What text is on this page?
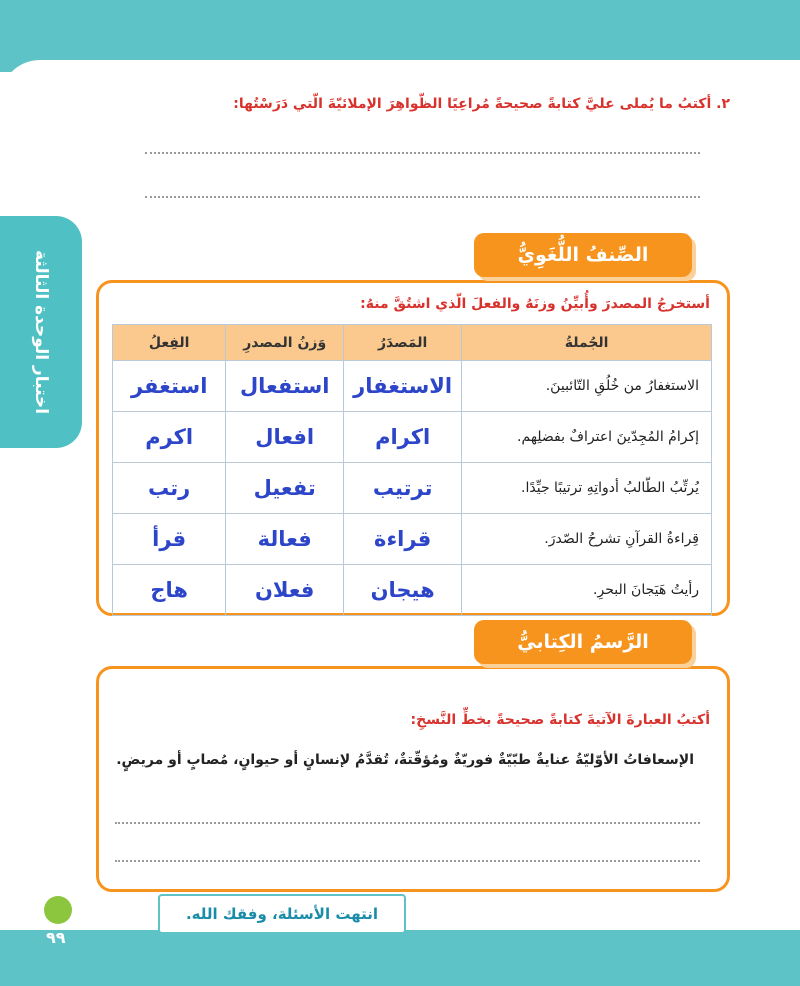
اختبار الوحدة الثالثة
٢. أكتبُ ما يُملى عليَّ كتابةً صحيحةً مُراعِيًا الظّواهِرَ الإملائيّةَ الّتي دَرَسْتُها:
الصِّنفُ اللُّغَوِيُّ
أستخرجُ المصدرَ وأُبيِّنُ وزنَهُ والفعلَ الّذي اشتُقَّ منهُ:
الجُملةُ	المَصدَرُ	وَزنُ المصدرِ	الفِعلُ
الاستغفارُ من خُلُقِ التّائبينَ.	الاستغفار	استفعال	استغفر
إكرامُ المُجِدّينَ اعترافٌ بفضلِهم.	اكرام	افعال	اكرم
يُرتِّبُ الطّالبُ أدواتِهِ ترتيبًا جيِّدًا.	ترتيب	تفعيل	رتب
قِراءةُ القرآنِ تشرحُ الصّدرَ.	قراءة	فعالة	قرأ
رأيتُ هَيَجانَ البحرِ.	هيجان	فعلان	هاج
الرَّسمُ الكِتابيُّ
أكتبُ العبارةَ الآتيةَ كتابةً صحيحةً بخطِّ النَّسخِ:
الإسعافاتُ الأوّليّةُ عنايةٌ طبّيّةٌ فوريّةٌ ومُؤقّتةٌ، تُقدَّمُ لإنسانٍ أو حيوانٍ، مُصابٍ أو مريضٍ.
انتهت الأسئلة، وفقك الله.
٩٩
